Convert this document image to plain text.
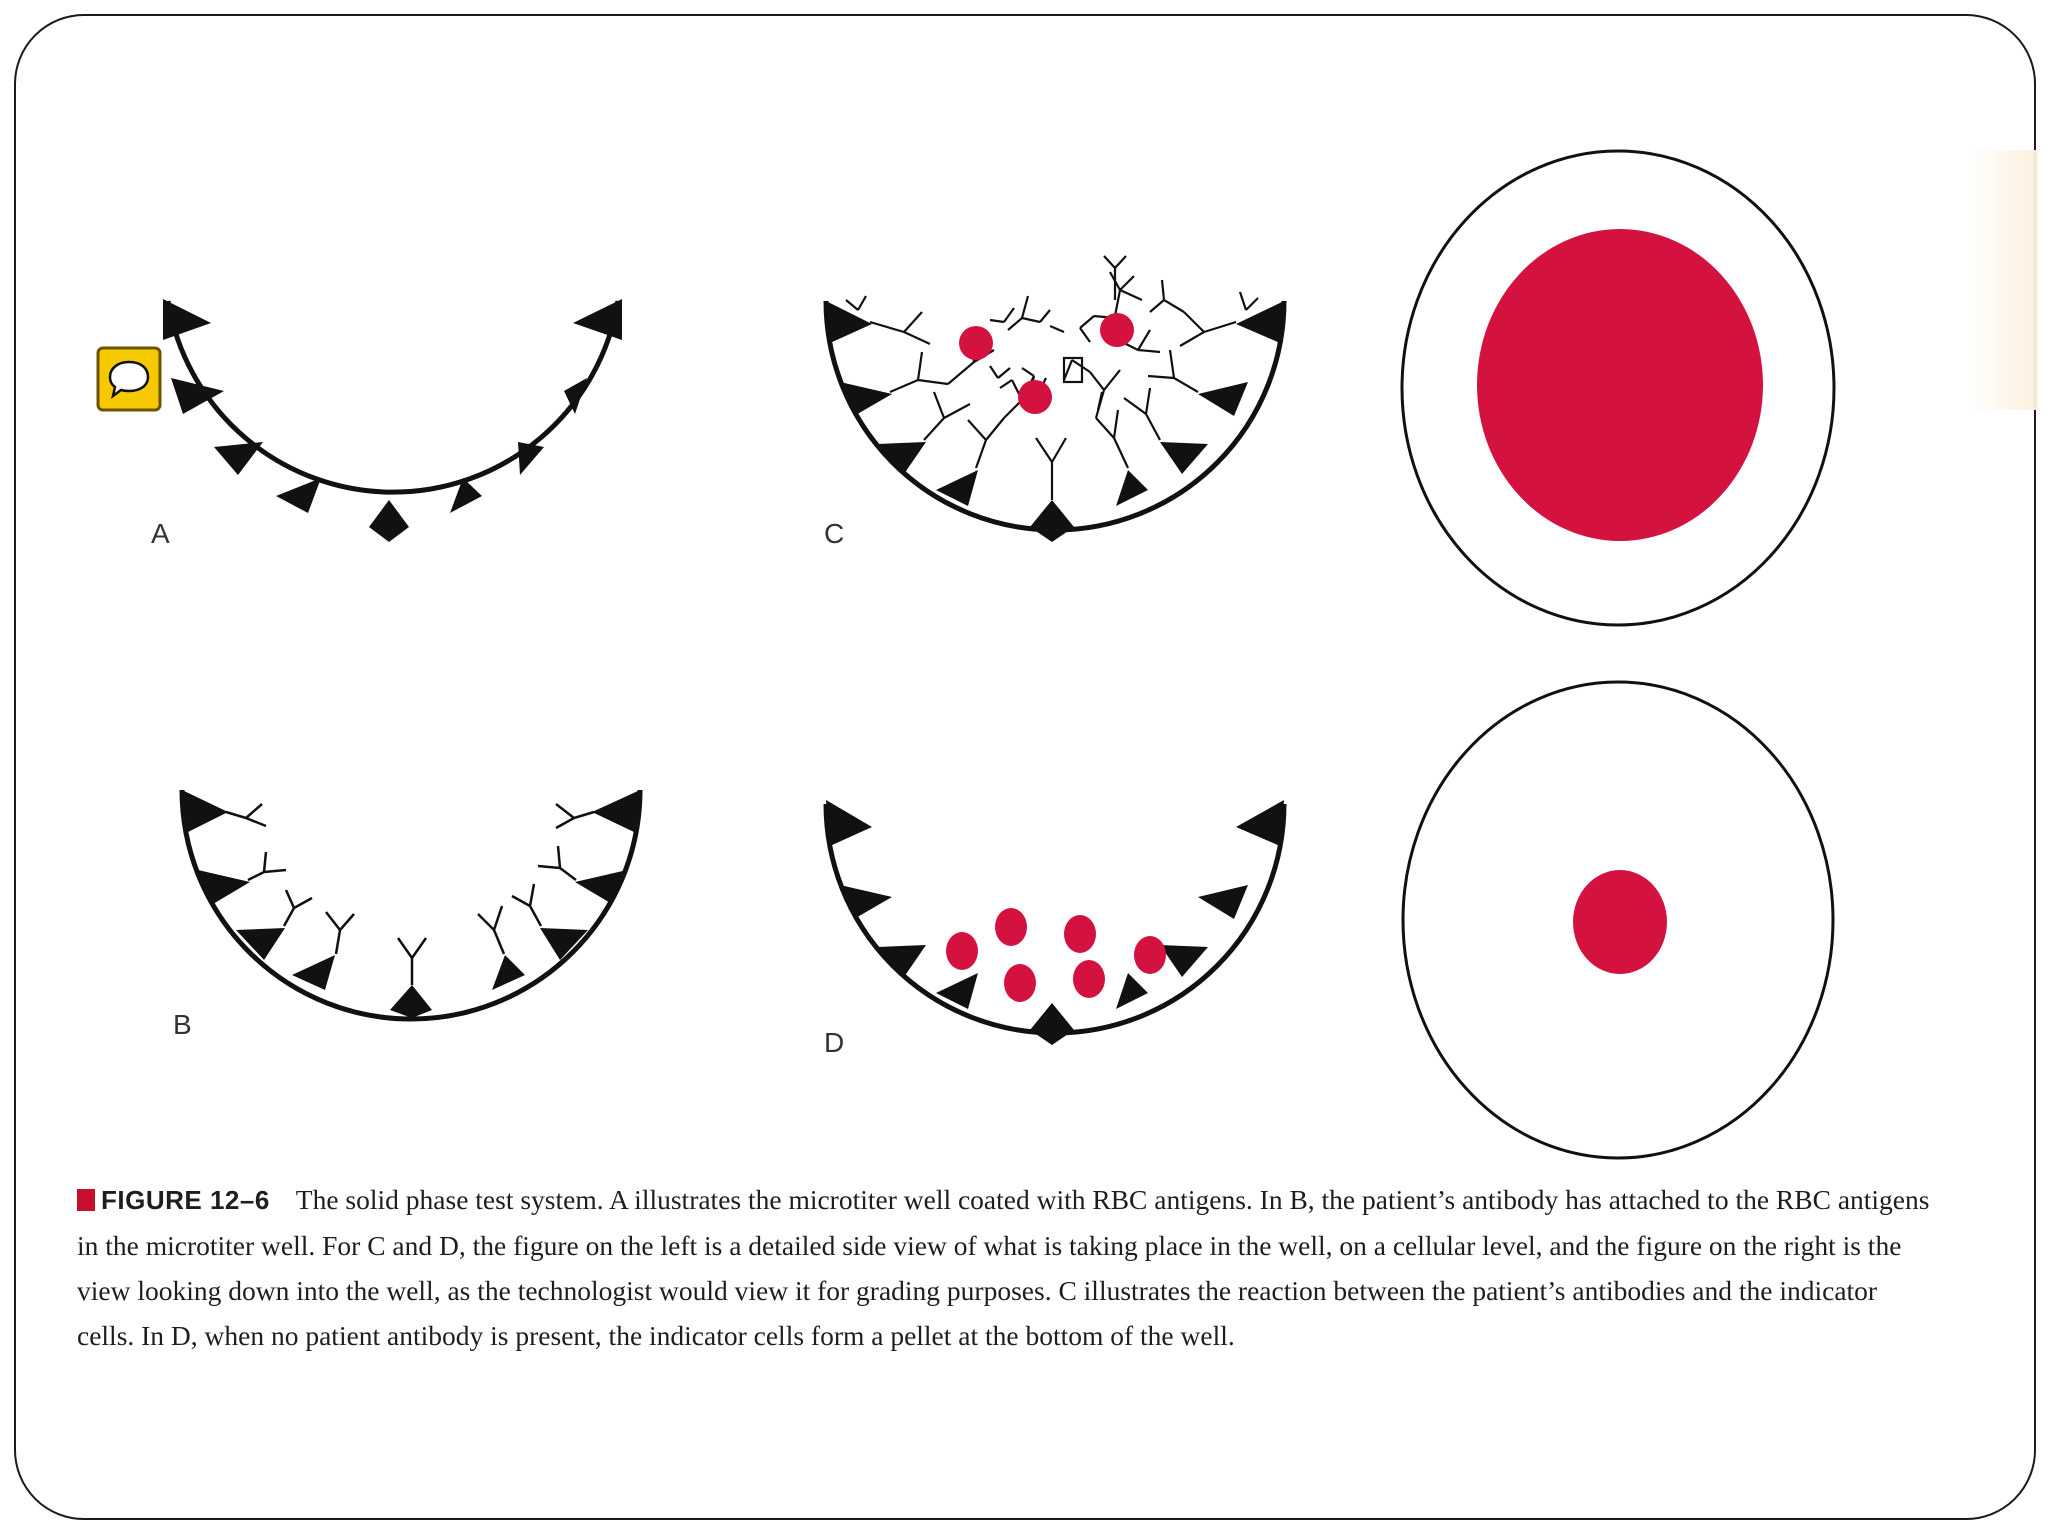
A
B
C
D
FIGURE 12–6 The solid phase test system. A illustrates the microtiter well coated with RBC antigens. In B, the patient’s antibody has attached to the RBC antigens in the microtiter well. For C and D, the figure on the left is a detailed side view of what is taking place in the well, on a cellular level, and the figure on the right is the view looking down into the well, as the technologist would view it for grading purposes. C illustrates the reaction between the patient’s antibodies and the indicator cells. In D, when no patient antibody is present, the indicator cells form a pellet at the bottom of the well.
